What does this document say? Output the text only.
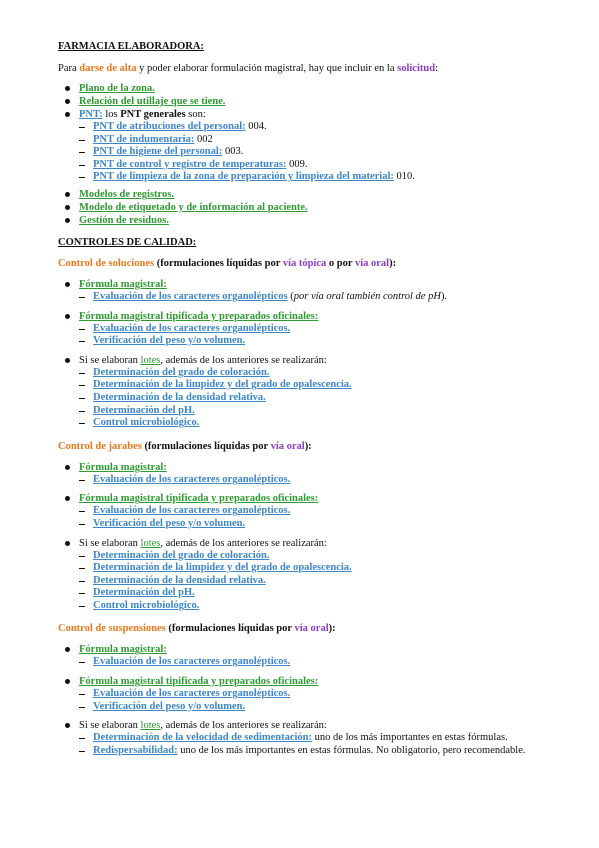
FARMACIA ELABORADORA:

Para darse de alta y poder elaborar formulación magistral, hay que incluir en la solicitud:

Plano de la zona.
Relación del utillaje que se tiene.
PNT: los PNT generales son:
PNT de atribuciones del personal: 004.
PNT de indumentaria: 002
PNT de higiene del personal: 003.
PNT de control y registro de temperaturas: 009.
PNT de limpieza de la zona de preparación y limpieza del material: 010.
Modelos de registros.
Modelo de etiquetado y de información al paciente.
Gestión de residuos.

CONTROLES DE CALIDAD:

Control de soluciones (formulaciones líquidas por vía tópica o por vía oral):

Fórmula magistral:
Evaluación de los caracteres organolépticos (por vía oral también control de pH).
Fórmula magistral tipificada y preparados oficinales:
Evaluación de los caracteres organolépticos.
Verificación del peso y/o volumen.
Si se elaboran lotes, además de los anteriores se realizarán:
Determinación del grado de coloración.
Determinación de la limpidez y del grado de opalescencia.
Determinación de la densidad relativa.
Determinación del pH.
Control microbiológico.

Control de jarabes (formulaciones líquidas por vía oral):

Fórmula magistral:
Evaluación de los caracteres organolépticos.
Fórmula magistral tipificada y preparados oficinales:
Evaluación de los caracteres organolépticos.
Verificación del peso y/o volumen.
Si se elaboran lotes, además de los anteriores se realizarán:
Determinación del grado de coloración.
Determinación de la limpidez y del grado de opalescencia.
Determinación de la densidad relativa.
Determinación del pH.
Control microbiológico.

Control de suspensiones (formulaciones líquidas por vía oral):

Fórmula magistral:
Evaluación de los caracteres organolépticos.
Fórmula magistral tipificada y preparados oficinales:
Evaluación de los caracteres organolépticos.
Verificación del peso y/o volumen.
Si se elaboran lotes, además de los anteriores se realizarán:
Determinación de la velocidad de sedimentación: uno de los más importantes en estas fórmulas.
Redispersabilidad: uno de los más importantes en estas fórmulas. No obligatorio, pero recomendable.
